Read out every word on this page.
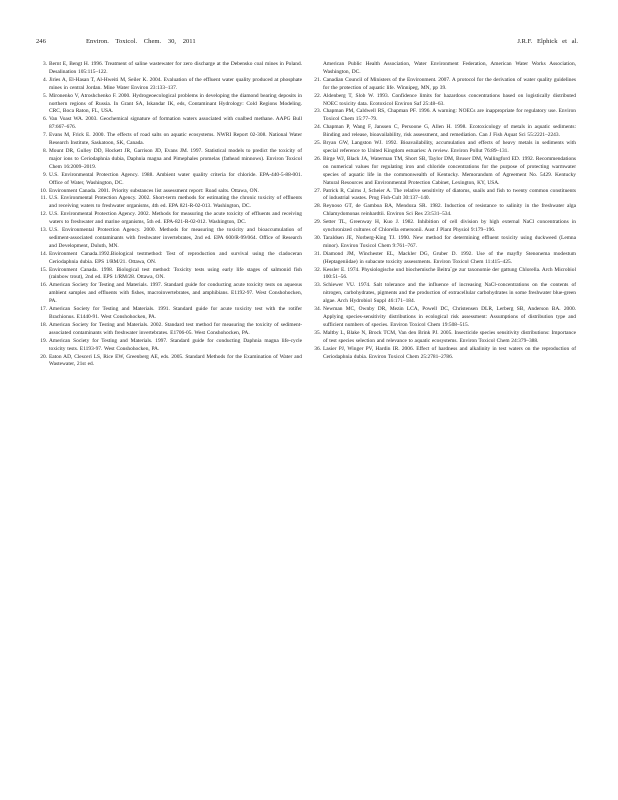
246	Environ. Toxicol. Chem. 30, 2011	J.R.F. Elphick et al.

3. Bernt E, Bengt H. 1996. Treatment of saline wastewater for zero discharge at the Debensko coal mines in Poland. Desalination 105:115–122.

4. Jiries A, El-Hasan T, Al-Hweiti M, Seiler K. 2004. Evaluation of the effluent water quality produced at phosphate mines in central Jordan. Mine Water Environ 23:133–137.

5. Mironenko V, Atroshchenko F. 2000. Hydrogeoecological problems in developing the diamond bearing deposits in northern regions of Russia. In Grant SA, Iskandar IK, eds, Contaminant Hydrology: Cold Regions Modeling. CRC, Boca Raton, FL, USA.

6. Van Voast WA. 2003. Geochemical signature of formation waters associated with coalbed methane. AAPG Bull 87:667–676.

7. Evans M, Frick E. 2000. The effects of road salts on aquatic ecosystems. NWRI Report 02-308. National Water Research Institute, Saskatoon, SK, Canada.

8. Mount DR, Gulley DD, Hockett JR, Garrison JD, Evans JM. 1997. Statistical models to predict the toxicity of major ions to Ceriodaphnia dubia, Daphnia magna and Pimephales promelas (fathead minnows). Environ Toxicol Chem 16:2009–2019.

9. U.S. Environmental Protection Agency. 1988. Ambient water quality criteria for chloride. EPA-440-5-88-001. Office of Water, Washington, DC.

10. Environment Canada. 2001. Priority substances list assessment report: Road salts. Ottawa, ON.

11. U.S. Environmental Protection Agency. 2002. Short-term methods for estimating the chronic toxicity of effluents and receiving waters to freshwater organisms, 4th ed. EPA 821-R-02-013. Washington, DC.

12. U.S. Environmental Protection Agency. 2002. Methods for measuring the acute toxicity of effluents and receiving waters to freshwater and marine organisms, 5th ed. EPA-821-R-02-012. Washington, DC.

13. U.S. Environmental Protection Agency. 2000. Methods for measuring the toxicity and bioaccumulation of sediment-associated contaminants with freshwater invertebrates, 2nd ed. EPA 600/R-99/064. Office of Research and Development, Duluth, MN.

14. Environment Canada.1992.Biological testmethod: Test of reproduction and survival using the cladoceran Ceriodaphnia dubia. EPS 1/RM/21. Ottawa, ON.

15. Environment Canada. 1998. Biological test method: Toxicity tests using early life stages of salmonid fish (rainbow trout), 2nd ed. EPS 1/RM/28. Ottawa, ON.

16. American Society for Testing and Materials. 1997. Standard guide for conducting acute toxicity tests on aqueous ambient samples and effluents with fishes, macroinvertebrates, and amphibians. E1192-97. West Conshohocken, PA.

17. American Society for Testing and Materials. 1991. Standard guide for acute toxicity test with the rotifer Brachionus. E1440-91. West Conshohocken, PA.

18. American Society for Testing and Materials. 2002. Standard test method for measuring the toxicity of sediment-associated contaminants with freshwater invertebrates. E1706-05. West Conshohocken, PA.

19. American Society for Testing and Materials. 1997. Standard guide for conducting Daphnia magna life-cycle toxicity tests. E1193-97. West Conshohocken, PA.

20. Eaton AD, Clesceri LS, Rice EW, Greenberg AE, eds. 2005. Standard Methods for the Examination of Water and Wastewater, 21st ed.

American Public Health Association, Water Environment Federation, American Water Works Association, Washington, DC.

21. Canadian Council of Ministers of the Environment. 2007. A protocol for the derivation of water quality guidelines for the protection of aquatic life. Winnipeg, MN, pp 39.

22. Aldenberg T, Slob W. 1993. Confidence limits for hazardous concentrations based on logistically distributed NOEC toxicity data. Ecotoxicol Environ Saf 25:48–63.

23. Chapman PM, Caldwell RS, Chapman PF. 1996. A warning: NOECs are inappropriate for regulatory use. Environ Toxicol Chem 15:77–79.

24. Chapman P, Wang F, Janssen C, Persoone G, Allen H. 1998. Ecotoxicology of metals in aquatic sediments: Binding and release, bioavailability, risk assessment, and remediation. Can J Fish Aquat Sci 55:2221–2243.

25. Bryan GW, Langston WJ. 1992. Bioavailability, accumulation and effects of heavy metals in sediments with special reference to United Kingdom estuaries: A review. Environ Pollut 76:89–131.

26. Birge WJ, Black JA, Waterman TM, Short SB, Taylor DM, Bruser DM, Wallingford ED. 1992. Recommendations on numerical values for regulating iron and chloride concentrations for the purpose of protecting warmwater species of aquatic life in the commonwealth of Kentucky. Memorandum of Agreement No. 5429. Kentucky Natural Resources and Environmental Protection Cabinet, Lexington, KY, USA.

27. Patrick R, Cairns J, Scheier A. The relative sensitivity of diatoms, snails and fish to twenty common constituents of industrial wastes. Prog Fish-Cult 30:137–140.

28. Reynoso GT, de Gamboa BA, Mendoza SR. 1982. Induction of resistance to salinity in the freshwater alga Chlamydomonas reinhardtii. Environ Sci Res 23:531–534.

29. Setter TL, Greenway H, Kuo J. 1982. Inhibition of cell division by high external NaCl concentrations in synchronized cultures of Chlorella emersonii. Aust J Plant Physiol 9:179–196.

30. Taraldsen JE, Norberg-King TJ. 1990. New method for determining effluent toxicity using duckweed (Lemna minor). Environ Toxicol Chem 9:761–767.

31. Diamond JM, Winchester EL, Mackler DG, Gruber D. 1992. Use of the mayfly Stenonema modestum (Heptageniidae) in subacute toxicity assessments. Environ Toxicol Chem 11:415–425.

32. Kessler E. 1974. Physiologische und biochemische Beitra¨ge zur taxonomie der gattung Chlorella. Arch Microbiol 100:51–56.

33. Schiewer VU. 1974. Salt tolerance and the influence of increasing NaCl-concentrations on the contents of nitrogen, carbohydrates, pigments and the production of extracellular carbohydrates in some freshwater blue-green algae. Arch Hydrobiol Suppl 46:171–184.

34. Newman MC, Ownby DR, Mezin LCA, Powell DC, Christensen DLR, Lerberg SB, Anderson BA. 2000. Applying species-sensitivity distributions in ecological risk assessment: Assumptions of distribution type and sufficient numbers of species. Environ Toxicol Chem 19:508–515.

35. Maltby L, Blake N, Brock TCM, Van den Brink PJ. 2005. Insecticide species sensitivity distributions: Importance of test species selection and relevance to aquatic ecosystems. Environ Toxicol Chem 24:379–388.

36. Lasier PJ, Winger PV, Hardin IR. 2006. Effect of hardness and alkalinity in test waters on the reproduction of Ceriodaphnia dubia. Environ Toxicol Chem 25:2781–2786.
